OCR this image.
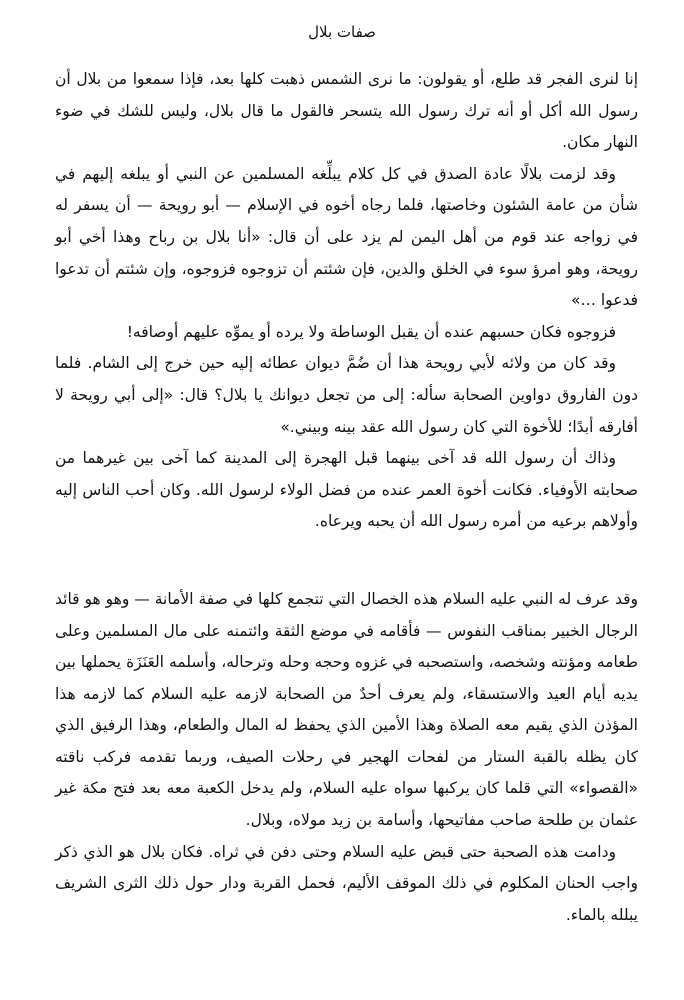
صفات بلال

إنا لنرى الفجر قد طلع، أو يقولون: ما نرى الشمس ذهبت كلها بعد، فإذا سمعوا من بلال أن رسول الله أكل أو أنه ترك رسول الله يتسحر فالقول ما قال بلال، وليس للشك في ضوء النهار مكان.

وقد لزمت بلالًا عادة الصدق في كل كلام يبلِّغه المسلمين عن النبي أو يبلغه إليهم في شأن من عامة الشئون وخاصتها، فلما رجاه أخوه في الإسلام — أبو رويحة — أن يسفر له في زواجه عند قوم من أهل اليمن لم يزد على أن قال: «أنا بلال بن رباح وهذا أخي أبو رويحة، وهو امرؤ سوء في الخلق والدين، فإن شئتم أن تزوجوه فزوجوه، وإن شئتم أن تدعوا فدعوا …»

فزوجوه فكان حسبهم عنده أن يقبل الوساطة ولا يرده أو يموِّه عليهم أوصافه!

وقد كان من ولائه لأبي رويحة هذا أن ضُمَّ ديوان عطائه إليه حين خرج إلى الشام. فلما دون الفاروق دواوين الصحابة سأله: إلى من تجعل ديوانك يا بلال؟ قال: «إلى أبي رويحة لا أفارقه أبدًا؛ للأخوة التي كان رسول الله عقد بينه وبيني.»

وذاك أن رسول الله قد آخى بينهما قبل الهجرة إلى المدينة كما آخى بين غيرهما من صحابته الأوفياء. فكانت أخوة العمر عنده من فضل الولاء لرسول الله. وكان أحب الناس إليه وأولاهم برعيه من أمره رسول الله أن يحبه ويرعاه.

وقد عرف له النبي عليه السلام هذه الخصال التي تتجمع كلها في صفة الأمانة — وهو هو قائد الرجال الخبير بمناقب النفوس — فأقامه في موضع الثقة وائتمنه على مال المسلمين وعلى طعامه ومؤنته وشخصه، واستصحبه في غزوه وحجه وحله وترحاله، وأسلمه العَنَزَة يحملها بين يديه أيام العيد والاستسقاء، ولم يعرف أحدٌ من الصحابة لازمه عليه السلام كما لازمه هذا المؤذن الذي يقيم معه الصلاة وهذا الأمين الذي يحفظ له المال والطعام، وهذا الرفيق الذي كان يظله بالقبة الستار من لفحات الهجير في رحلات الصيف، وربما تقدمه فركب ناقته «القصواء» التي قلما كان يركبها سواه عليه السلام، ولم يدخل الكعبة معه بعد فتح مكة غير عثمان بن طلحة صاحب مفاتيحها، وأسامة بن زيد مولاه، وبلال.

ودامت هذه الصحبة حتى قبض عليه السلام وحتى دفن في ثراه. فكان بلال هو الذي ذكر واجب الحنان المكلوم في ذلك الموقف الأليم، فحمل القربة ودار حول ذلك الثرى الشريف يبلله بالماء.
